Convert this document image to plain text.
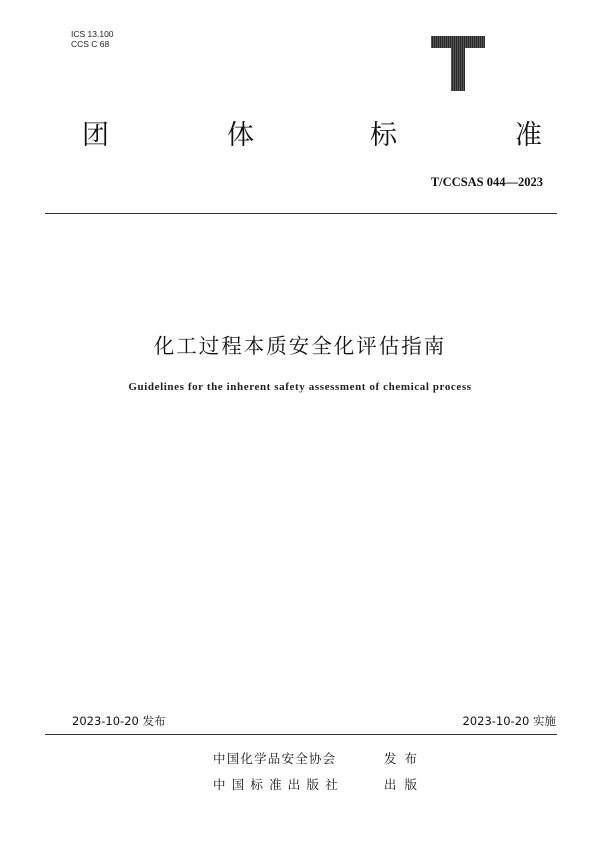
ICS 13.100
CCS C 68
团	体	标	准
T/CCSAS 044—2023
化工过程本质安全化评估指南
Guidelines for the inherent safety assessment of chemical process
2023-10-20 发布	2023-10-20 实施
中国化学品安全协会	发布
中国标准出版社	出版
